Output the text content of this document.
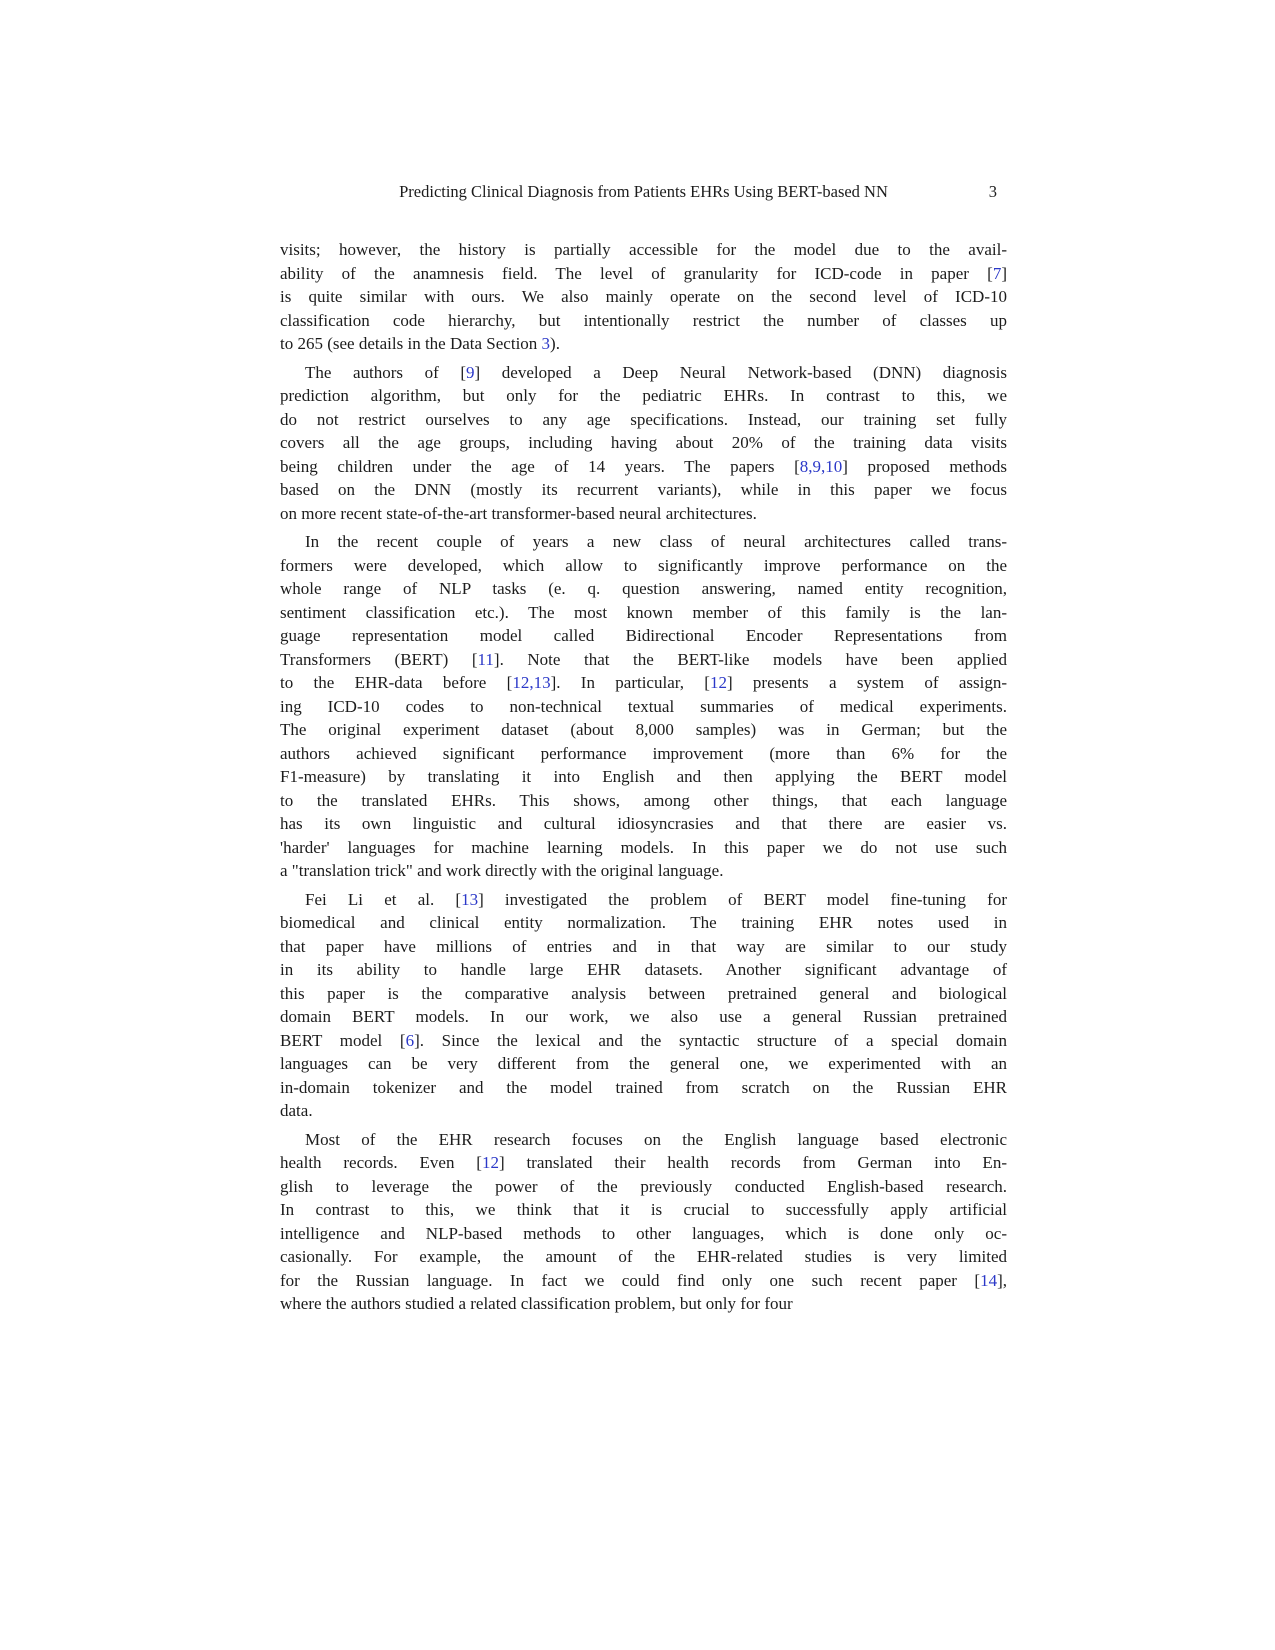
Predicting Clinical Diagnosis from Patients EHRs Using BERT-based NN	3
visits; however, the history is partially accessible for the model due to the avail-
ability of the anamnesis field. The level of granularity for ICD-code in paper [7]
is quite similar with ours. We also mainly operate on the second level of ICD-10
classification code hierarchy, but intentionally restrict the number of classes up
to 265 (see details in the Data Section 3).
The authors of [9] developed a Deep Neural Network-based (DNN) diagnosis
prediction algorithm, but only for the pediatric EHRs. In contrast to this, we
do not restrict ourselves to any age specifications. Instead, our training set fully
covers all the age groups, including having about 20% of the training data visits
being children under the age of 14 years. The papers [8,9,10] proposed methods
based on the DNN (mostly its recurrent variants), while in this paper we focus
on more recent state-of-the-art transformer-based neural architectures.
In the recent couple of years a new class of neural architectures called trans-
formers were developed, which allow to significantly improve performance on the
whole range of NLP tasks (e. q. question answering, named entity recognition,
sentiment classification etc.). The most known member of this family is the lan-
guage representation model called Bidirectional Encoder Representations from
Transformers (BERT) [11]. Note that the BERT-like models have been applied
to the EHR-data before [12,13]. In particular, [12] presents a system of assign-
ing ICD-10 codes to non-technical textual summaries of medical experiments.
The original experiment dataset (about 8,000 samples) was in German; but the
authors achieved significant performance improvement (more than 6% for the
F1-measure) by translating it into English and then applying the BERT model
to the translated EHRs. This shows, among other things, that each language
has its own linguistic and cultural idiosyncrasies and that there are easier vs.
'harder' languages for machine learning models. In this paper we do not use such
a "translation trick" and work directly with the original language.
Fei Li et al. [13] investigated the problem of BERT model fine-tuning for
biomedical and clinical entity normalization. The training EHR notes used in
that paper have millions of entries and in that way are similar to our study
in its ability to handle large EHR datasets. Another significant advantage of
this paper is the comparative analysis between pretrained general and biological
domain BERT models. In our work, we also use a general Russian pretrained
BERT model [6]. Since the lexical and the syntactic structure of a special domain
languages can be very different from the general one, we experimented with an
in-domain tokenizer and the model trained from scratch on the Russian EHR
data.
Most of the EHR research focuses on the English language based electronic
health records. Even [12] translated their health records from German into En-
glish to leverage the power of the previously conducted English-based research.
In contrast to this, we think that it is crucial to successfully apply artificial
intelligence and NLP-based methods to other languages, which is done only oc-
casionally. For example, the amount of the EHR-related studies is very limited
for the Russian language. In fact we could find only one such recent paper [14],
where the authors studied a related classification problem, but only for four
